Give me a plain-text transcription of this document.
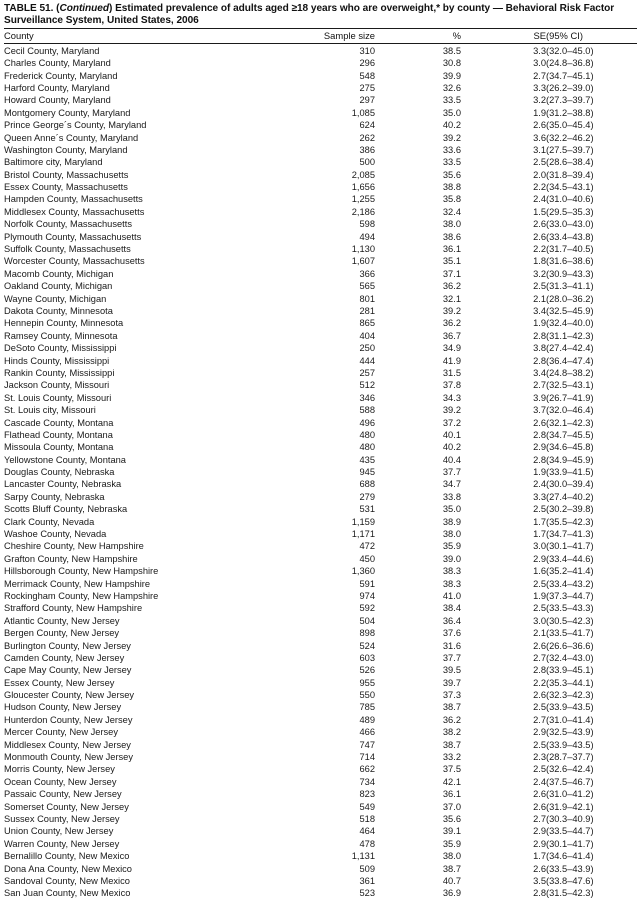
TABLE 51. (Continued) Estimated prevalence of adults aged ≥18 years who are overweight,* by county — Behavioral Risk Factor
Surveillance System, United States, 2006
County	Sample size	%	SE	(95% CI)
Cecil County, Maryland	310	38.5	3.3	(32.0–45.0)
Charles County, Maryland	296	30.8	3.0	(24.8–36.8)
Frederick County, Maryland	548	39.9	2.7	(34.7–45.1)
Harford County, Maryland	275	32.6	3.3	(26.2–39.0)
Howard County, Maryland	297	33.5	3.2	(27.3–39.7)
Montgomery County, Maryland	1,085	35.0	1.9	(31.2–38.8)
Prince George´s County, Maryland	624	40.2	2.6	(35.0–45.4)
Queen Anne´s County, Maryland	262	39.2	3.6	(32.2–46.2)
Washington County, Maryland	386	33.6	3.1	(27.5–39.7)
Baltimore city, Maryland	500	33.5	2.5	(28.6–38.4)
Bristol County, Massachusetts	2,085	35.6	2.0	(31.8–39.4)
Essex County, Massachusetts	1,656	38.8	2.2	(34.5–43.1)
Hampden County, Massachusetts	1,255	35.8	2.4	(31.0–40.6)
Middlesex County, Massachusetts	2,186	32.4	1.5	(29.5–35.3)
Norfolk County, Massachusetts	598	38.0	2.6	(33.0–43.0)
Plymouth County, Massachusetts	494	38.6	2.6	(33.4–43.8)
Suffolk County, Massachusetts	1,130	36.1	2.2	(31.7–40.5)
Worcester County, Massachusetts	1,607	35.1	1.8	(31.6–38.6)
Macomb County, Michigan	366	37.1	3.2	(30.9–43.3)
Oakland County, Michigan	565	36.2	2.5	(31.3–41.1)
Wayne County, Michigan	801	32.1	2.1	(28.0–36.2)
Dakota County, Minnesota	281	39.2	3.4	(32.5–45.9)
Hennepin County, Minnesota	865	36.2	1.9	(32.4–40.0)
Ramsey County, Minnesota	404	36.7	2.8	(31.1–42.3)
DeSoto County, Mississippi	250	34.9	3.8	(27.4–42.4)
Hinds County, Mississippi	444	41.9	2.8	(36.4–47.4)
Rankin County, Mississippi	257	31.5	3.4	(24.8–38.2)
Jackson County, Missouri	512	37.8	2.7	(32.5–43.1)
St. Louis County, Missouri	346	34.3	3.9	(26.7–41.9)
St. Louis city, Missouri	588	39.2	3.7	(32.0–46.4)
Cascade County, Montana	496	37.2	2.6	(32.1–42.3)
Flathead County, Montana	480	40.1	2.8	(34.7–45.5)
Missoula County, Montana	480	40.2	2.9	(34.6–45.8)
Yellowstone County, Montana	435	40.4	2.8	(34.9–45.9)
Douglas County, Nebraska	945	37.7	1.9	(33.9–41.5)
Lancaster County, Nebraska	688	34.7	2.4	(30.0–39.4)
Sarpy County, Nebraska	279	33.8	3.3	(27.4–40.2)
Scotts Bluff County, Nebraska	531	35.0	2.5	(30.2–39.8)
Clark County, Nevada	1,159	38.9	1.7	(35.5–42.3)
Washoe County, Nevada	1,171	38.0	1.7	(34.7–41.3)
Cheshire County, New Hampshire	472	35.9	3.0	(30.1–41.7)
Grafton County, New Hampshire	450	39.0	2.9	(33.4–44.6)
Hillsborough County, New Hampshire	1,360	38.3	1.6	(35.2–41.4)
Merrimack County, New Hampshire	591	38.3	2.5	(33.4–43.2)
Rockingham County, New Hampshire	974	41.0	1.9	(37.3–44.7)
Strafford County, New Hampshire	592	38.4	2.5	(33.5–43.3)
Atlantic County, New Jersey	504	36.4	3.0	(30.5–42.3)
Bergen County, New Jersey	898	37.6	2.1	(33.5–41.7)
Burlington County, New Jersey	524	31.6	2.6	(26.6–36.6)
Camden County, New Jersey	603	37.7	2.7	(32.4–43.0)
Cape May County, New Jersey	526	39.5	2.8	(33.9–45.1)
Essex County, New Jersey	955	39.7	2.2	(35.3–44.1)
Gloucester County, New Jersey	550	37.3	2.6	(32.3–42.3)
Hudson County, New Jersey	785	38.7	2.5	(33.9–43.5)
Hunterdon County, New Jersey	489	36.2	2.7	(31.0–41.4)
Mercer County, New Jersey	466	38.2	2.9	(32.5–43.9)
Middlesex County, New Jersey	747	38.7	2.5	(33.9–43.5)
Monmouth County, New Jersey	714	33.2	2.3	(28.7–37.7)
Morris County, New Jersey	662	37.5	2.5	(32.6–42.4)
Ocean County, New Jersey	734	42.1	2.4	(37.5–46.7)
Passaic County, New Jersey	823	36.1	2.6	(31.0–41.2)
Somerset County, New Jersey	549	37.0	2.6	(31.9–42.1)
Sussex County, New Jersey	518	35.6	2.7	(30.3–40.9)
Union County, New Jersey	464	39.1	2.9	(33.5–44.7)
Warren County, New Jersey	478	35.9	2.9	(30.1–41.7)
Bernalillo County, New Mexico	1,131	38.0	1.7	(34.6–41.4)
Dona Ana County, New Mexico	509	38.7	2.6	(33.5–43.9)
Sandoval County, New Mexico	361	40.7	3.5	(33.8–47.6)
San Juan County, New Mexico	523	36.9	2.8	(31.5–42.3)
